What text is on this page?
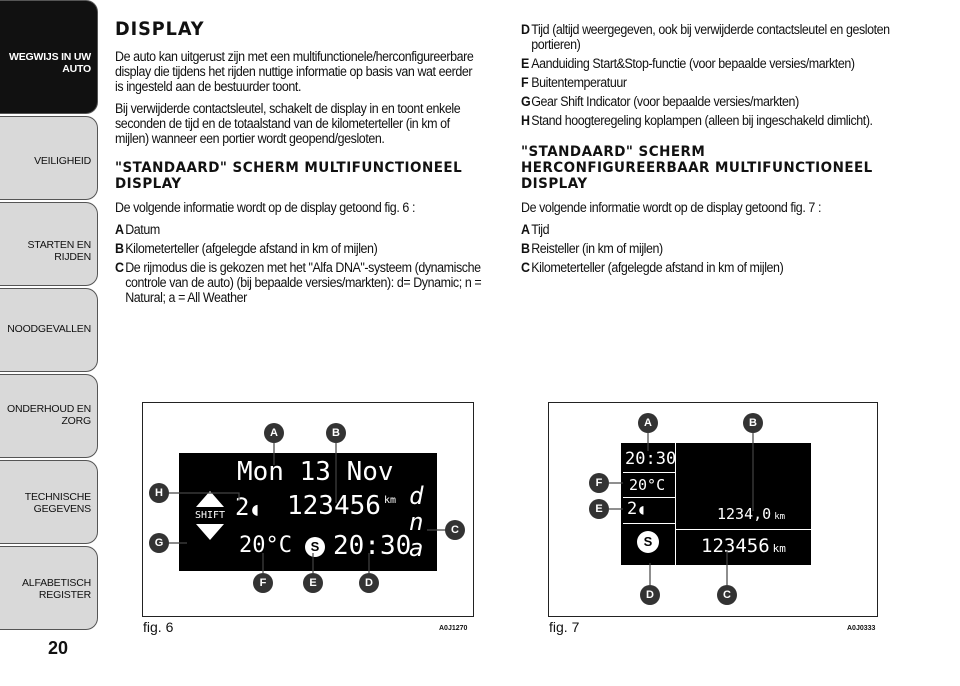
WEGWIJS IN UW AUTO
VEILIGHEID
STARTEN EN RIJDEN
NOODGEVALLEN
ONDERHOUD EN ZORG
TECHNISCHE GEGEVENS
ALFABETISCH REGISTER
20
DISPLAY

De auto kan uitgerust zijn met een multifunctionele/herconfigureerbare display die tijdens het rijden nuttige informatie op basis van wat eerder is ingesteld aan de bestuurder toont.

Bij verwijderde contactsleutel, schakelt de display in en toont enkele seconden de tijd en de totaalstand van de kilometerteller (in km of mijlen) wanneer een portier wordt geopend/gesloten.

"STANDAARD" SCHERM MULTIFUNCTIONEEL DISPLAY

De volgende informatie wordt op de display getoond fig. 6 :

A Datum
B Kilometerteller (afgelegde afstand in km of mijlen)
C De rijmodus die is gekozen met het "Alfa DNA"-systeem (dynamische controle van de auto) (bij bepaalde versies/markten): d= Dynamic; n = Natural; a = All Weather
D Tijd (altijd weergegeven, ook bij verwijderde contactsleutel en gesloten portieren)
E Aanduiding Start&Stop-functie (voor bepaalde versies/markten)
F Buitentemperatuur
G Gear Shift Indicator (voor bepaalde versies/markten)
H Stand hoogteregeling koplampen (alleen bij ingeschakeld dimlicht).
"STANDAARD" SCHERM HERCONFIGUREERBAAR MULTIFUNCTIONEEL DISPLAY

De volgende informatie wordt op de display getoond fig. 7 :

A Tijd
B Reisteller (in km of mijlen)
C Kilometerteller (afgelegde afstand in km of mijlen)
Mon 13 Nov
SHIFT 2◖ 123456 km
20°C	S 20:30
d
n
a
A	B
C
D
E
F
G
H
fig. 6	A0J1270
20:30
20°C
2◖
S
1234,0 km
123456 km
A	B
C
D
E
F
fig. 7	A0J0333
